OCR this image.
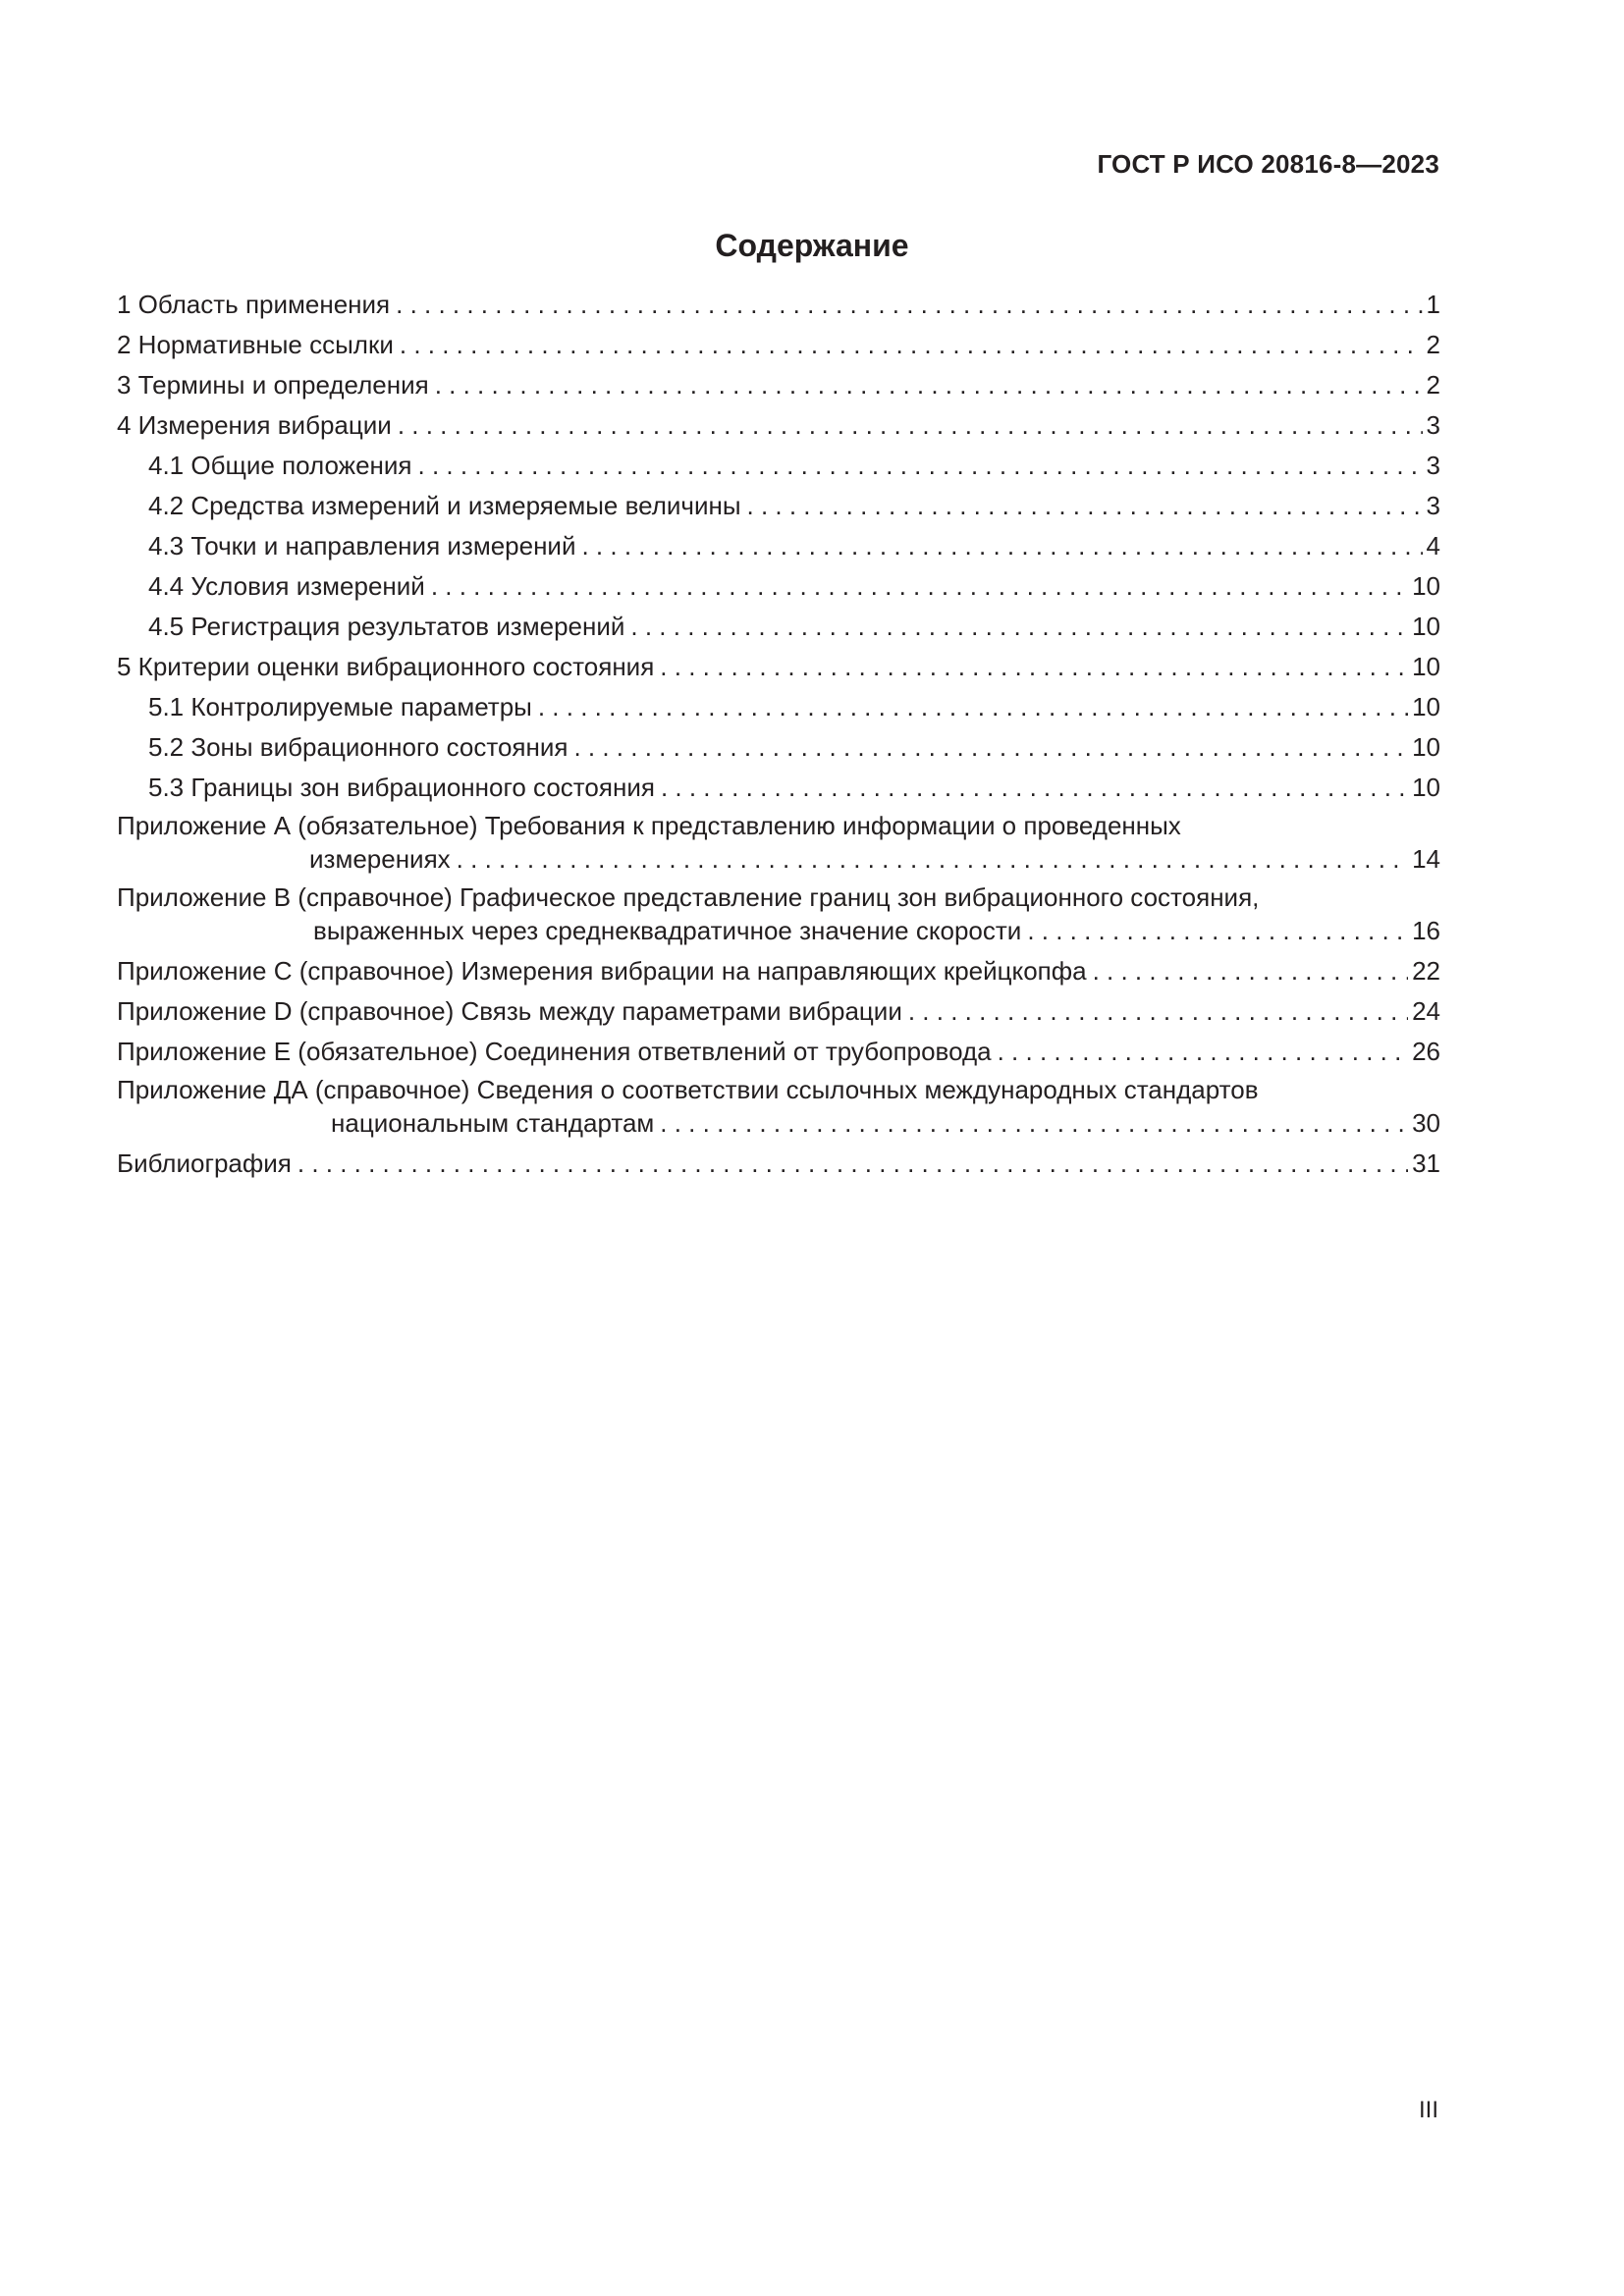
ГОСТ Р ИСО 20816-8—2023
Содержание
1 Область применения . . .	1
2 Нормативные ссылки . . .	2
3 Термины и определения . . .	2
4 Измерения вибрации . . .	3
4.1 Общие положения . . .	3
4.2 Средства измерений и измеряемые величины . . .	3
4.3 Точки и направления измерений . . .	4
4.4 Условия измерений . . .	10
4.5 Регистрация результатов измерений . . .	10
5 Критерии оценки вибрационного состояния . . .	10
5.1 Контролируемые параметры . . .	10
5.2 Зоны вибрационного состояния . . .	10
5.3 Границы зон вибрационного состояния . . .	10
Приложение А (обязательное) Требования к представлению информации о проведенных
измерениях . . .	14
Приложение В (справочное) Графическое представление границ зон вибрационного состояния,
выраженных через среднеквадратичное значение скорости . . .	16
Приложение С (справочное) Измерения вибрации на направляющих крейцкопфа . . .	22
Приложение D (справочное) Связь между параметрами вибрации . . .	24
Приложение Е (обязательное) Соединения ответвлений от трубопровода . . .	26
Приложение ДА (справочное) Сведения о соответствии ссылочных международных стандартов
национальным стандартам . . .	30
Библиография . . .	31
III
